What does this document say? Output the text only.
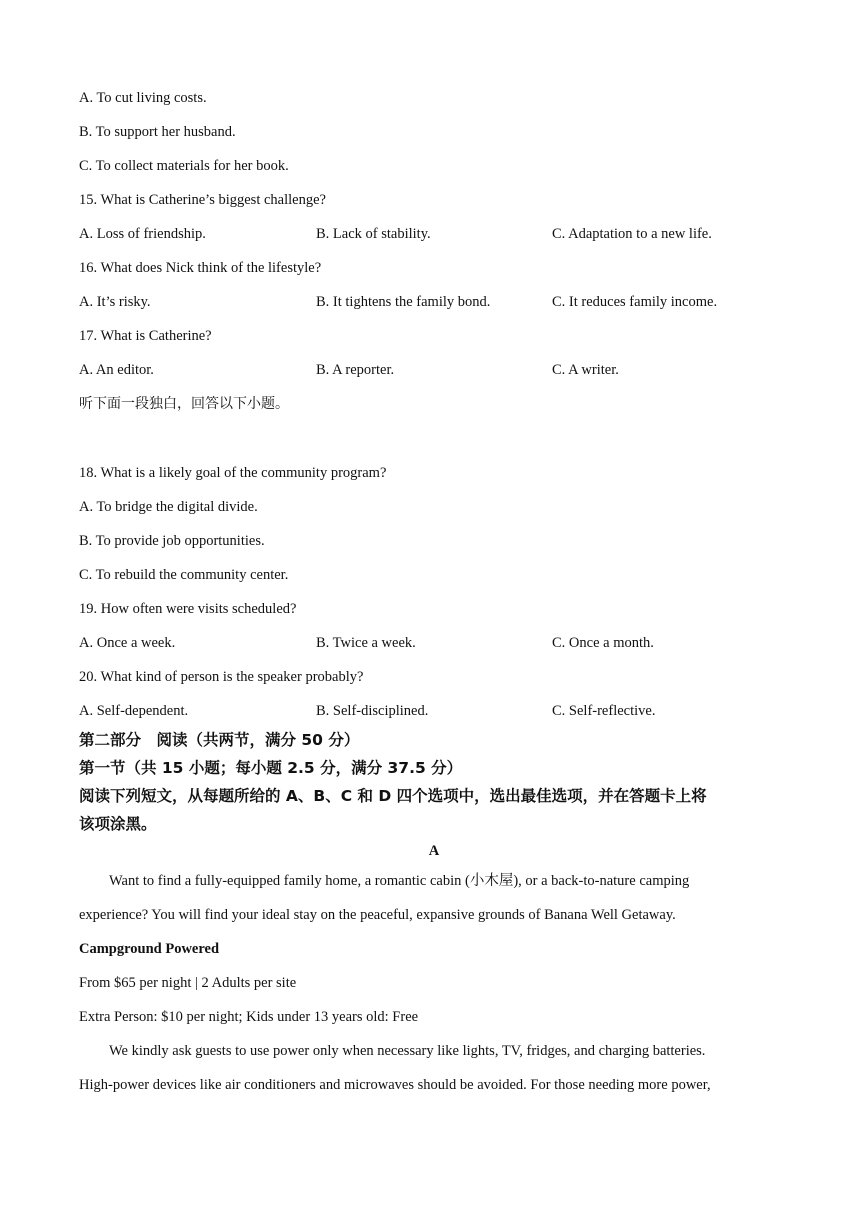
A. To cut living costs.
B. To support her husband.
C. To collect materials for her book.
15. What is Catherine’s biggest challenge?
A. Loss of friendship.	B. Lack of stability.	C. Adaptation to a new life.
16. What does Nick think of the lifestyle?
A. It’s risky.	B. It tightens the family bond.	C. It reduces family income.
17. What is Catherine?
A. An editor.	B. A reporter.	C. A writer.
听下面一段独白，回答以下小题。
18. What is a likely goal of the community program?
A. To bridge the digital divide.
B. To provide job opportunities.
C. To rebuild the community center.
19. How often were visits scheduled?
A. Once a week.	B. Twice a week.	C. Once a month.
20. What kind of person is the speaker probably?
A. Self-dependent.	B. Self-disciplined.	C. Self-reflective.
第二部分　阅读（共两节，满分 50 分）
第一节（共 15 小题；每小题 2.5 分，满分 37.5 分）
阅读下列短文，从每题所给的 A、B、C 和 D 四个选项中，选出最佳选项，并在答题卡上将
该项涂黑。
A
Want to find a fully-equipped family home, a romantic cabin (小木屋), or a back-to-nature camping
experience? You will find your ideal stay on the peaceful, expansive grounds of Banana Well Getaway.
Campground Powered
From $65 per night | 2 Adults per site
Extra Person: $10 per night; Kids under 13 years old: Free
We kindly ask guests to use power only when necessary like lights, TV, fridges, and charging batteries.
High-power devices like air conditioners and microwaves should be avoided. For those needing more power,
